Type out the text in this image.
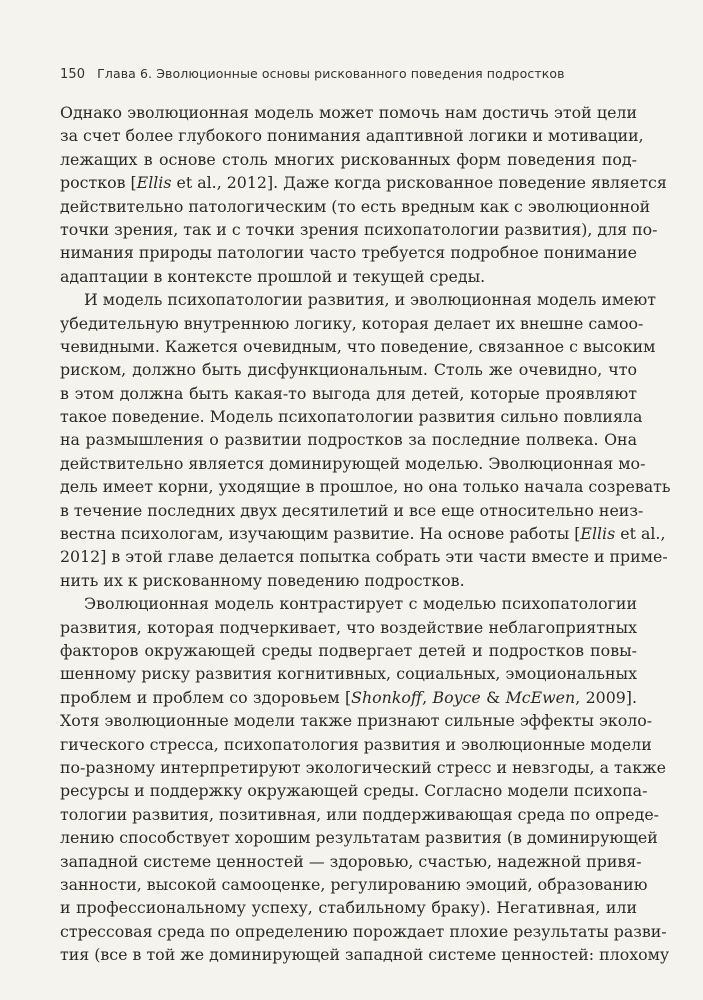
150 Глава 6. Эволюционные основы рискованного поведения подростков
Однако эволюционная модель может помочь нам достичь этой цели
за счет более глубокого понимания адаптивной логики и мотивации,
лежащих в основе столь многих рискованных форм поведения под-
ростков [Ellis et al., 2012]. Даже когда рискованное поведение является
действительно патологическим (то есть вредным как с эволюционной
точки зрения, так и с точки зрения психопатологии развития), для по-
нимания природы патологии часто требуется подробное понимание
адаптации в контексте прошлой и текущей среды.
И модель психопатологии развития, и эволюционная модель имеют
убедительную внутреннюю логику, которая делает их внешне самоо-
чевидными. Кажется очевидным, что поведение, связанное с высоким
риском, должно быть дисфункциональным. Столь же очевидно, что
в этом должна быть какая-то выгода для детей, которые проявляют
такое поведение. Модель психопатологии развития сильно повлияла
на размышления о развитии подростков за последние полвека. Она
действительно является доминирующей моделью. Эволюционная мо-
дель имеет корни, уходящие в прошлое, но она только начала созревать
в течение последних двух десятилетий и все еще относительно неиз-
вестна психологам, изучающим развитие. На основе работы [Ellis et al.,
2012] в этой главе делается попытка собрать эти части вместе и приме-
нить их к рискованному поведению подростков.
Эволюционная модель контрастирует с моделью психопатологии
развития, которая подчеркивает, что воздействие неблагоприятных
факторов окружающей среды подвергает детей и подростков повы-
шенному риску развития когнитивных, социальных, эмоциональных
проблем и проблем со здоровьем [Shonkoff, Boyce & McEwen, 2009].
Хотя эволюционные модели также признают сильные эффекты эколо-
гического стресса, психопатология развития и эволюционные модели
по-разному интерпретируют экологический стресс и невзгоды, а также
ресурсы и поддержку окружающей среды. Согласно модели психопа-
тологии развития, позитивная, или поддерживающая среда по опреде-
лению способствует хорошим результатам развития (в доминирующей
западной системе ценностей — здоровью, счастью, надежной привя-
занности, высокой самооценке, регулированию эмоций, образованию
и профессиональному успеху, стабильному браку). Негативная, или
стрессовая среда по определению порождает плохие результаты разви-
тия (все в той же доминирующей западной системе ценностей: плохому
